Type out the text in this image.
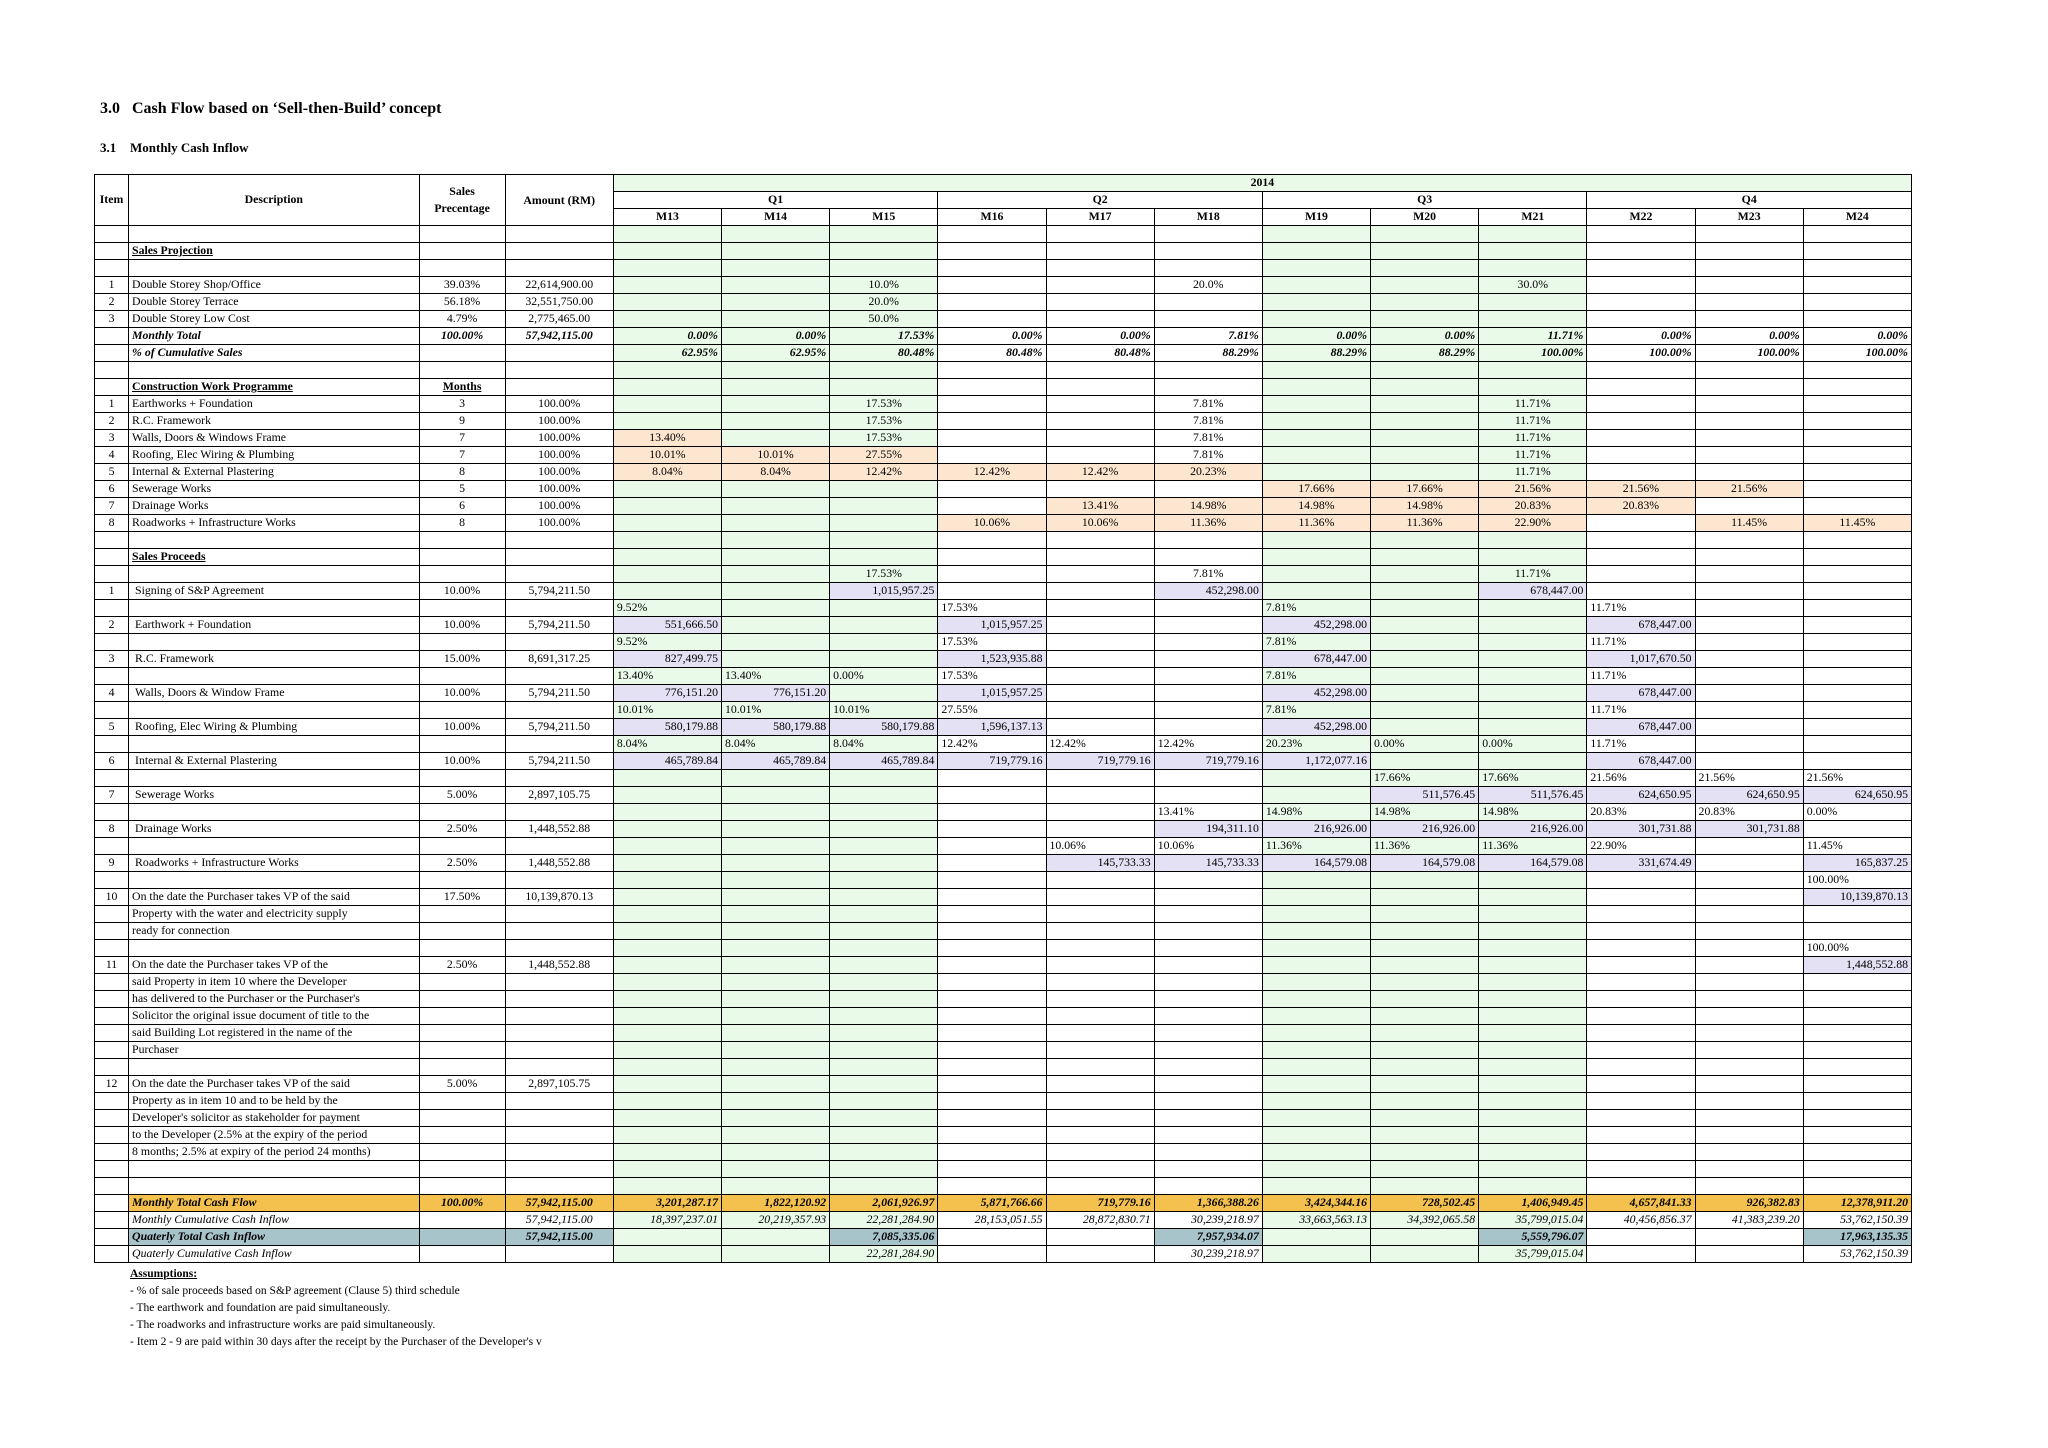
3.0 Cash Flow based on ‘Sell-then-Build’ concept
3.1 Monthly Cash Inflow
Item	Description	Sales Precentage	Amount (RM)	2014											
				Q1			Q2			Q3			Q4		
				M13	M14	M15	M16	M17	M18	M19	M20	M21	M22	M23	M24

	Sales Projection														

1	Double Storey Shop/Office	39.03%	22,614,900.00			10.0%			20.0%			30.0%			
2	Double Storey Terrace	56.18%	32,551,750.00			20.0%									
3	Double Storey Low Cost	4.79%	2,775,465.00			50.0%									
	Monthly Total	100.00%	57,942,115.00	0.00%	0.00%	17.53%	0.00%	0.00%	7.81%	0.00%	0.00%	11.71%	0.00%	0.00%	0.00%
	% of Cumulative Sales			62.95%	62.95%	80.48%	80.48%	80.48%	88.29%	88.29%	88.29%	100.00%	100.00%	100.00%	100.00%

	Construction Work Programme	Months													
1	Earthworks + Foundation	3	100.00%			17.53%			7.81%			11.71%			
2	R.C. Framework	9	100.00%			17.53%			7.81%			11.71%			
3	Walls, Doors & Windows Frame	7	100.00%	13.40%		17.53%			7.81%			11.71%			
4	Roofing, Elec Wiring & Plumbing	7	100.00%	10.01%	10.01%	27.55%			7.81%			11.71%			
5	Internal & External Plastering	8	100.00%	8.04%	8.04%	12.42%	12.42%	12.42%	20.23%			11.71%			
6	Sewerage Works	5	100.00%							17.66%	17.66%	21.56%	21.56%	21.56%	
7	Drainage Works	6	100.00%					13.41%	14.98%	14.98%	14.98%	20.83%	20.83%		
8	Roadworks + Infrastructure Works	8	100.00%				10.06%	10.06%	11.36%	11.36%	11.36%	22.90%		11.45%	11.45%

	Sales Proceeds														
						17.53%			7.81%			11.71%			
1	Signing of S&P Agreement	10.00%	5,794,211.50			1,015,957.25			452,298.00			678,447.00			
				9.52%			17.53%			7.81%			11.71%		
2	Earthwork + Foundation	10.00%	5,794,211.50	551,666.50			1,015,957.25			452,298.00			678,447.00		
				9.52%			17.53%			7.81%			11.71%		
3	R.C. Framework	15.00%	8,691,317.25	827,499.75			1,523,935.88			678,447.00			1,017,670.50		
				13.40%	13.40%	0.00%	17.53%			7.81%			11.71%		
4	Walls, Doors & Window Frame	10.00%	5,794,211.50	776,151.20	776,151.20		1,015,957.25			452,298.00			678,447.00		
				10.01%	10.01%	10.01%	27.55%			7.81%			11.71%		
5	Roofing, Elec Wiring & Plumbing	10.00%	5,794,211.50	580,179.88	580,179.88	580,179.88	1,596,137.13			452,298.00			678,447.00		
				8.04%	8.04%	8.04%	12.42%	12.42%	12.42%	20.23%	0.00%	0.00%	11.71%		
6	Internal & External Plastering	10.00%	5,794,211.50	465,789.84	465,789.84	465,789.84	719,779.16	719,779.16	719,779.16	1,172,077.16			678,447.00		
											17.66%	17.66%	21.56%	21.56%	21.56%
7	Sewerage Works	5.00%	2,897,105.75								511,576.45	511,576.45	624,650.95	624,650.95	624,650.95
									13.41%	14.98%	14.98%	14.98%	20.83%	20.83%	0.00%
8	Drainage Works	2.50%	1,448,552.88						194,311.10	216,926.00	216,926.00	216,926.00	301,731.88	301,731.88	
								10.06%	10.06%	11.36%	11.36%	11.36%	22.90%		11.45%
9	Roadworks + Infrastructure Works	2.50%	1,448,552.88					145,733.33	145,733.33	164,579.08	164,579.08	164,579.08	331,674.49		165,837.25
															100.00%
10	On the date the Purchaser takes VP of the said	17.50%	10,139,870.13												10,139,870.13
	Property with the water and electricity supply														
	ready for connection														
															100.00%
11	On the date the Purchaser takes VP of the	2.50%	1,448,552.88												1,448,552.88
	said Property in item 10 where the Developer														
	has delivered to the Purchaser or the Purchaser's														
	Solicitor the original issue document of title to the														
	said Building Lot registered in the name of the														
	Purchaser														

12	On the date the Purchaser takes VP of the said	5.00%	2,897,105.75												
	Property as in item 10 and to be held by the														
	Developer's solicitor as stakeholder for payment														
	to the Developer (2.5% at the expiry of the period														
	8 months; 2.5% at expiry of the period 24 months)														

	Monthly Total Cash Flow	100.00%	57,942,115.00	3,201,287.17	1,822,120.92	2,061,926.97	5,871,766.66	719,779.16	1,366,388.26	3,424,344.16	728,502.45	1,406,949.45	4,657,841.33	926,382.83	12,378,911.20
	Monthly Cumulative Cash Inflow		57,942,115.00	18,397,237.01	20,219,357.93	22,281,284.90	28,153,051.55	28,872,830.71	30,239,218.97	33,663,563.13	34,392,065.58	35,799,015.04	40,456,856.37	41,383,239.20	53,762,150.39
	Quaterly Total Cash Inflow		57,942,115.00			7,085,335.06			7,957,934.07			5,559,796.07			17,963,135.35
	Quaterly Cumulative Cash Inflow					22,281,284.90			30,239,218.97			35,799,015.04			53,762,150.39
Assumptions:
- % of sale proceeds based on S&P agreement (Clause 5) third schedule
- The earthwork and foundation are paid simultaneously.
- The roadworks and infrastructure works are paid simultaneously.
- Item 2 - 9 are paid within 30 days after the receipt by the Purchaser of the Developer's v
